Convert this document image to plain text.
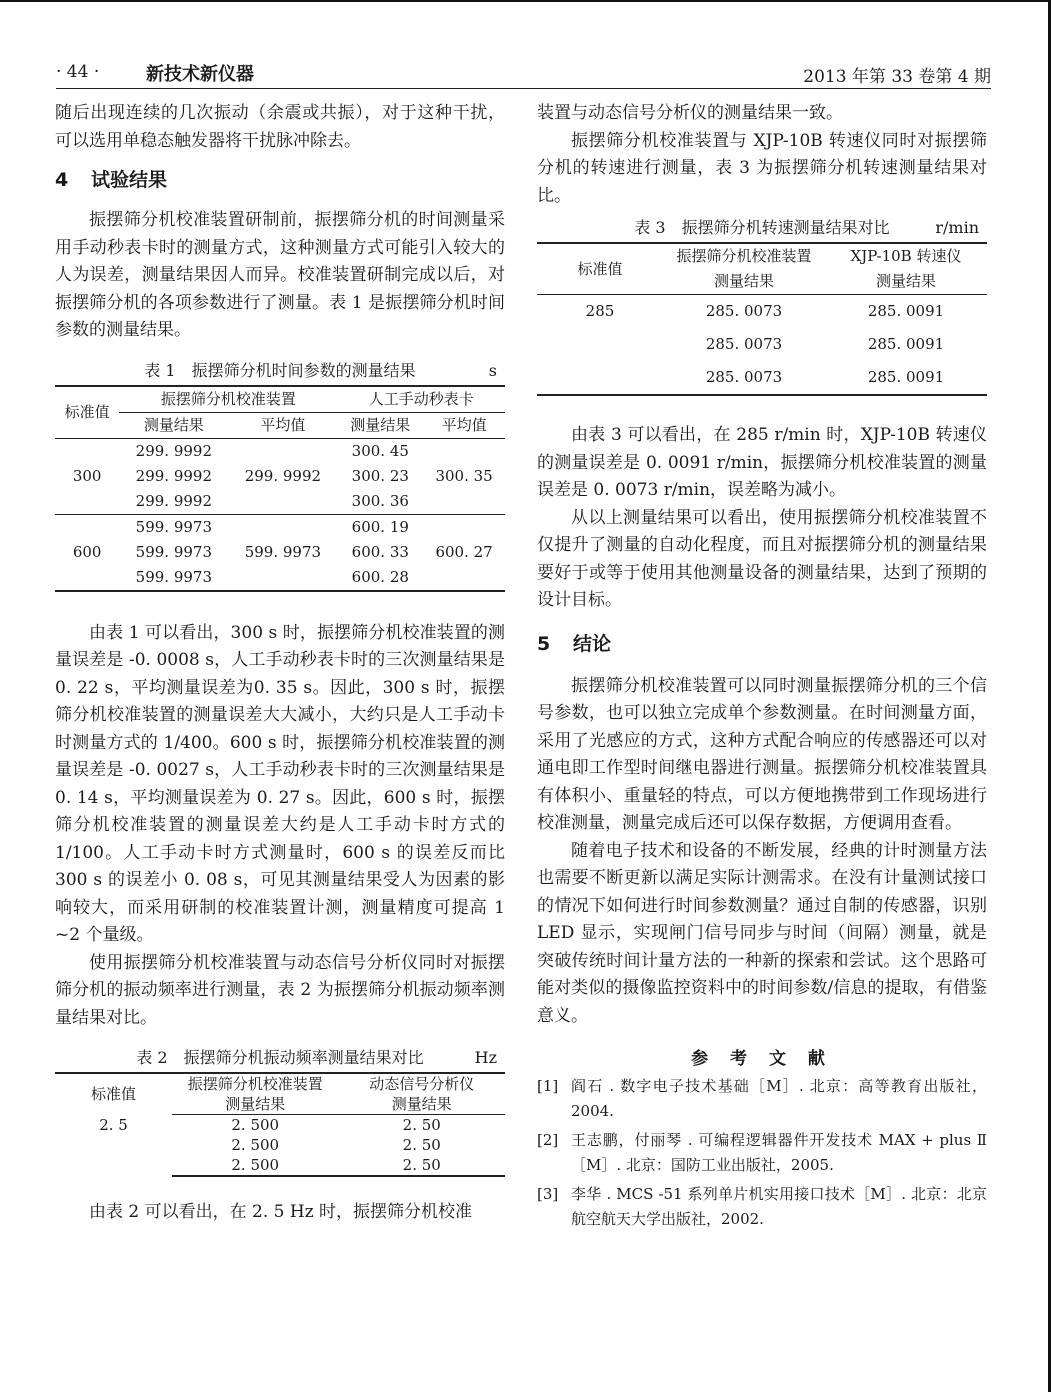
· 44 ·	新技术新仪器	2013 年第 33 卷第 4 期

随后出现连续的几次振动（余震或共振），对于这种干扰，可以选用单稳态触发器将干扰脉冲除去。

4 试验结果

振摆筛分机校准装置研制前，振摆筛分机的时间测量采用手动秒表卡时的测量方式，这种测量方式可能引入较大的人为误差，测量结果因人而异。校准装置研制完成以后，对振摆筛分机的各项参数进行了测量。表 1 是振摆筛分机时间参数的测量结果。

表 1 振摆筛分机时间参数的测量结果	s
标准值	振摆筛分机校准装置		人工手动秒表卡	
	测量结果	平均值	测量结果	平均值
300	299. 9992	299. 9992	300. 45	300. 35
	299. 9992		300. 23	
	299. 9992		300. 36	
600	599. 9973	599. 9973	600. 19	600. 27
	599. 9973		600. 33	
	599. 9973		600. 28	

由表 1 可以看出，300 s 时，振摆筛分机校准装置的测量误差是 -0. 0008 s，人工手动秒表卡时的三次测量结果是0. 22 s，平均测量误差为0. 35 s。因此，300 s 时，振摆筛分机校准装置的测量误差大大减小，大约只是人工手动卡时测量方式的 1/400。600 s 时，振摆筛分机校准装置的测量误差是 -0. 0027 s，人工手动秒表卡时的三次测量结果是 0. 14 s，平均测量误差为 0. 27 s。因此，600 s 时，振摆筛分机校准装置的测量误差大约是人工手动卡时方式的 1/100。人工手动卡时方式测量时，600 s 的误差反而比 300 s 的误差小 0. 08 s，可见其测量结果受人为因素的影响较大，而采用研制的校准装置计测，测量精度可提高 1 ~2 个量级。

使用振摆筛分机校准装置与动态信号分析仪同时对振摆筛分机的振动频率进行测量，表 2 为振摆筛分机振动频率测量结果对比。

表 2 振摆筛分机振动频率测量结果对比	Hz
标准值	振摆筛分机校准装置	动态信号分析仪
	测量结果	测量结果
2. 5	2. 500	2. 50
	2. 500	2. 50
	2. 500	2. 50

由表 2 可以看出，在 2. 5 Hz 时，振摆筛分机校准

装置与动态信号分析仪的测量结果一致。

振摆筛分机校准装置与 XJP-10B 转速仪同时对振摆筛分机的转速进行测量，表 3 为振摆筛分机转速测量结果对比。

表 3 振摆筛分机转速测量结果对比	r/min
标准值	振摆筛分机校准装置	XJP-10B 转速仪
	测量结果	测量结果
285	285. 0073	285. 0091
	285. 0073	285. 0091
	285. 0073	285. 0091

由表 3 可以看出，在 285 r/min 时，XJP-10B 转速仪的测量误差是 0. 0091 r/min，振摆筛分机校准装置的测量误差是 0. 0073 r/min，误差略为减小。

从以上测量结果可以看出，使用振摆筛分机校准装置不仅提升了测量的自动化程度，而且对振摆筛分机的测量结果要好于或等于使用其他测量设备的测量结果，达到了预期的设计目标。

5 结论

振摆筛分机校准装置可以同时测量振摆筛分机的三个信号参数，也可以独立完成单个参数测量。在时间测量方面，采用了光感应的方式，这种方式配合响应的传感器还可以对通电即工作型时间继电器进行测量。振摆筛分机校准装置具有体积小、重量轻的特点，可以方便地携带到工作现场进行校准测量，测量完成后还可以保存数据，方便调用查看。

随着电子技术和设备的不断发展，经典的计时测量方法也需要不断更新以满足实际计测需求。在没有计量测试接口的情况下如何进行时间参数测量？通过自制的传感器，识别 LED 显示，实现闸门信号同步与时间（间隔）测量，就是突破传统时间计量方法的一种新的探索和尝试。这个思路可能对类似的摄像监控资料中的时间参数/信息的提取，有借鉴意义。

参 考 文 献
[1] 阎石 . 数字电子技术基础［M］. 北京：高等教育出版社，2004.
[2] 王志鹏，付丽琴 . 可编程逻辑器件开发技术 MAX + plus Ⅱ［M］. 北京：国防工业出版社，2005.
[3] 李华 . MCS -51 系列单片机实用接口技术［M］. 北京：北京航空航天大学出版社，2002.
